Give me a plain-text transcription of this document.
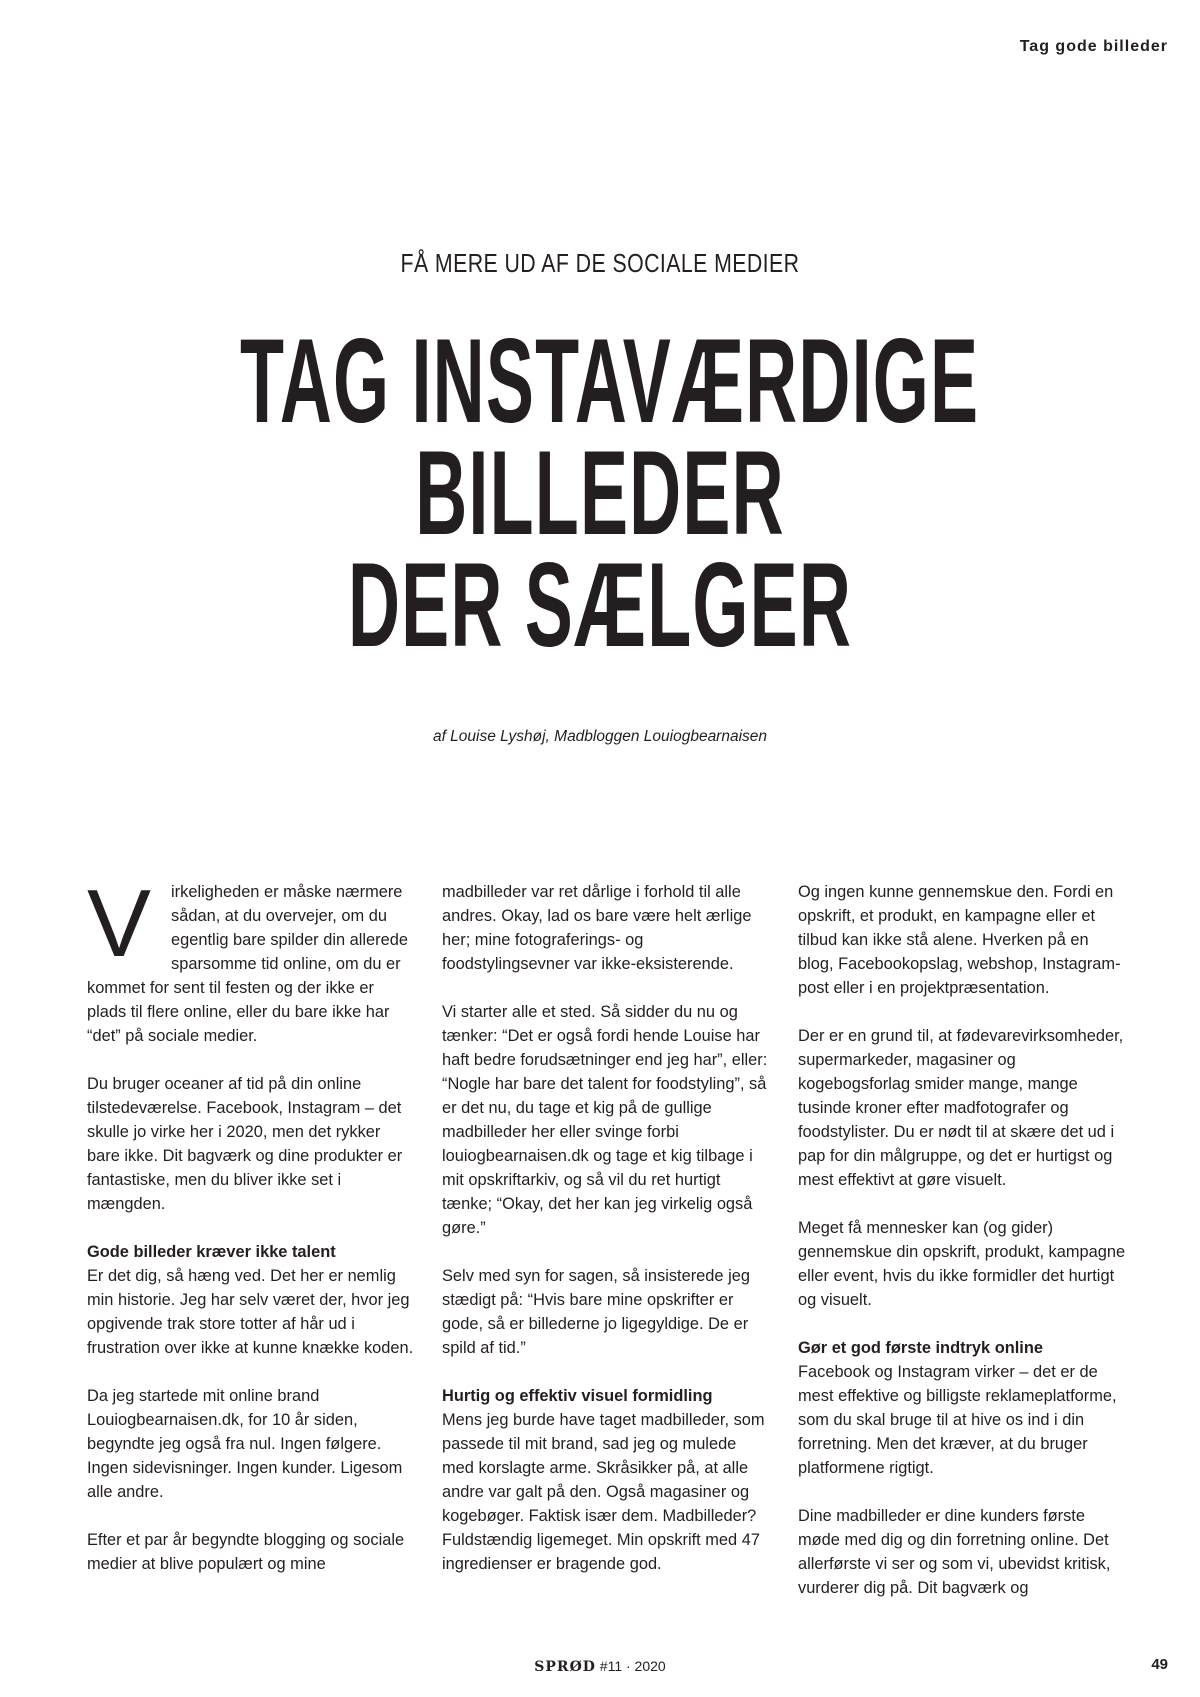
Tag gode billeder
FÅ MERE UD AF DE SOCIALE MEDIER
TAG INSTAVÆRDIGE
BILLEDER
DER SÆLGER
af Louise Lyshøj, Madbloggen Louiogbearnaisen

V irkeligheden er måske nærmere sådan, at du overvejer, om du egentlig bare spilder din allerede sparsomme tid online, om du er kommet for sent til festen og der ikke er plads til flere online, eller du bare ikke har “det” på sociale medier.

Du bruger oceaner af tid på din online tilstedeværelse. Facebook, Instagram – det skulle jo virke her i 2020, men det rykker bare ikke. Dit bagværk og dine produkter er fantastiske, men du bliver ikke set i mængden.

Gode billeder kræver ikke talent

Er det dig, så hæng ved. Det her er nemlig min historie. Jeg har selv været der, hvor jeg opgivende trak store totter af hår ud i frustration over ikke at kunne knække koden.

Da jeg startede mit online brand Louiogbearnaisen.dk, for 10 år siden, begyndte jeg også fra nul. Ingen følgere. Ingen sidevisninger. Ingen kunder. Ligesom alle andre.

Efter et par år begyndte blogging og sociale medier at blive populært og mine

madbilleder var ret dårlige i forhold til alle andres. Okay, lad os bare være helt ærlige her; mine fotograferings- og foodstylingsevner var ikke-eksisterende.

Vi starter alle et sted. Så sidder du nu og tænker: “Det er også fordi hende Louise har haft bedre forudsætninger end jeg har”, eller: “Nogle har bare det talent for foodstyling”, så er det nu, du tage et kig på de gullige madbilleder her eller svinge forbi louiogbearnaisen.dk og tage et kig tilbage i mit opskriftarkiv, og så vil du ret hurtigt tænke; “Okay, det her kan jeg virkelig også gøre.”

Selv med syn for sagen, så insisterede jeg stædigt på: “Hvis bare mine opskrifter er gode, så er billederne jo ligegyldige. De er spild af tid.”

Hurtig og effektiv visuel formidling

Mens jeg burde have taget madbilleder, som passede til mit brand, sad jeg og mulede med korslagte arme. Skråsikker på, at alle andre var galt på den. Også magasiner og kogebøger. Faktisk især dem. Madbilleder? Fuldstændig ligemeget. Min opskrift med 47 ingredienser er bragende god.

Og ingen kunne gennemskue den. Fordi en opskrift, et produkt, en kampagne eller et tilbud kan ikke stå alene. Hverken på en blog, Facebookopslag, webshop, Instagram-post eller i en projektpræsentation.

Der er en grund til, at fødevarevirksomheder, supermarkeder, magasiner og kogebogsforlag smider mange, mange tusinde kroner efter madfotografer og foodstylister. Du er nødt til at skære det ud i pap for din målgruppe, og det er hurtigst og mest effektivt at gøre visuelt.

Meget få mennesker kan (og gider) gennemskue din opskrift, produkt, kampagne eller event, hvis du ikke formidler det hurtigt og visuelt.

Gør et god første indtryk online

Facebook og Instagram virker – det er de mest effektive og billigste reklameplatforme, som du skal bruge til at hive os ind i din forretning. Men det kræver, at du bruger platformene rigtigt.

Dine madbilleder er dine kunders første møde med dig og din forretning online. Det allerførste vi ser og som vi, ubevidst kritisk, vurderer dig på. Dit bagværk og

SPRØD #11 · 2020	49
